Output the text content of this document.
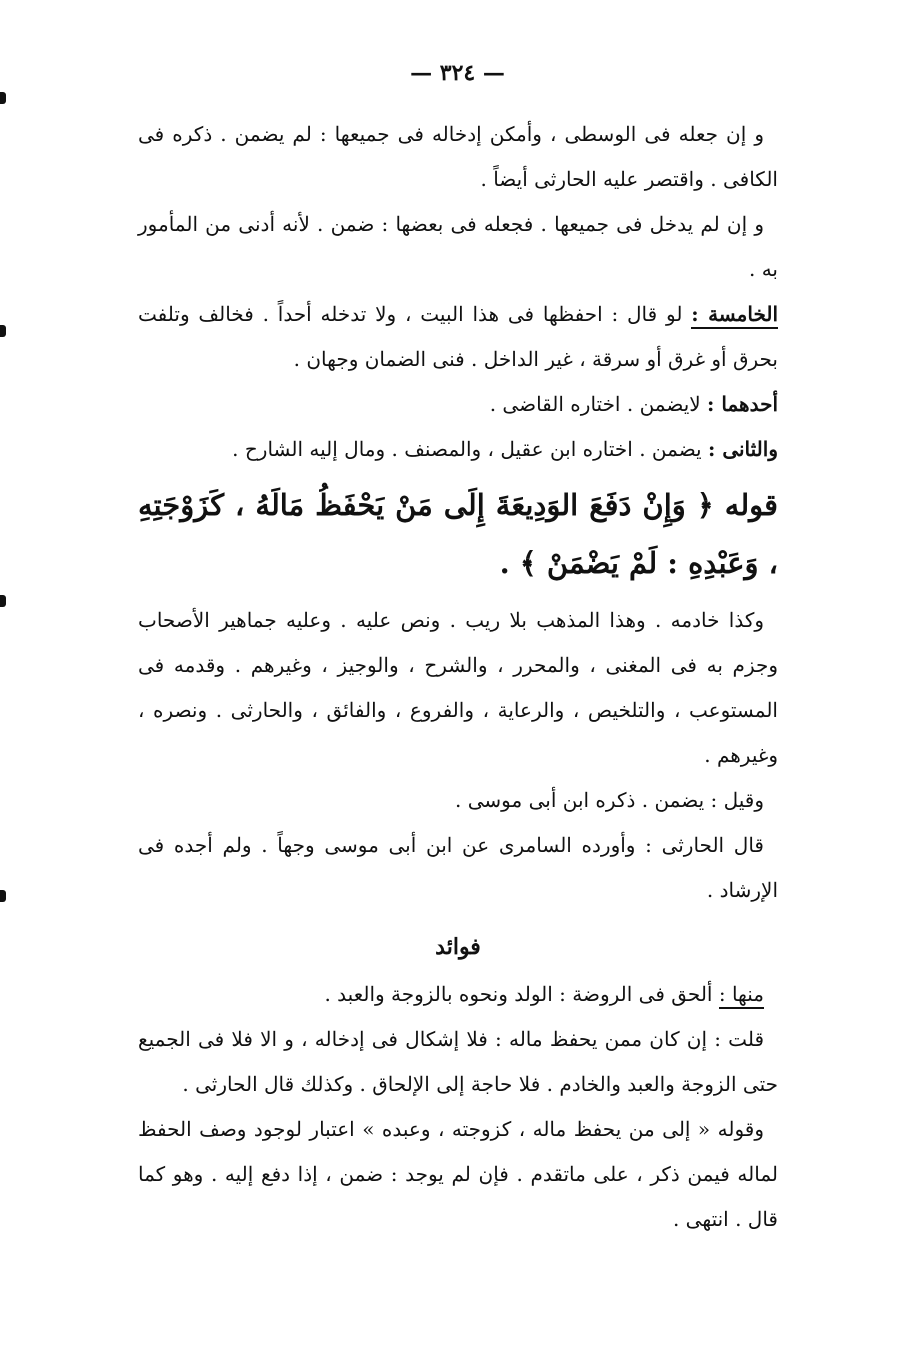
— ٣٢٤ —

و إن جعله فى الوسطى ، وأمكن إدخاله فى جميعها : لم يضمن . ذكره فى الكافى . واقتصر عليه الحارثى أيضاً .

و إن لم يدخل فى جميعها . فجعله فى بعضها : ضمن . لأنه أدنى من المأمور به .

الخامسة : لو قال : احفظها فى هذا البيت ، ولا تدخله أحداً . فخالف وتلفت بحرق أو غرق أو سرقة ، غير الداخل . فنى الضمان وجهان .

أحدهما : لايضمن . اختاره القاضى .

والثانى : يضمن . اختاره ابن عقيل ، والمصنف . ومال إليه الشارح .

قوله ﴿ وَإِنْ دَفَعَ الوَدِيعَةَ إِلَى مَنْ يَحْفَظُ مَالَهُ ، كَزَوْجَتِهِ ، وَعَبْدِهِ : لَمْ يَضْمَنْ ﴾ .

وكذا خادمه . وهذا المذهب بلا ريب . ونص عليه . وعليه جماهير الأصحاب وجزم به فى المغنى ، والمحرر ، والشرح ، والوجيز ، وغيرهم . وقدمه فى المستوعب ، والتلخيص ، والرعاية ، والفروع ، والفائق ، والحارثى . ونصره ، وغيرهم .

وقيل : يضمن . ذكره ابن أبى موسى .

قال الحارثى : وأورده السامرى عن ابن أبى موسى وجهاً . ولم أجده فى الإرشاد .

فوائد

منها : ألحق فى الروضة : الولد ونحوه بالزوجة والعبد .

قلت : إن كان ممن يحفظ ماله : فلا إشكال فى إدخاله ، و الا فلا فى الجميع حتى الزوجة والعبد والخادم . فلا حاجة إلى الإلحاق . وكذلك قال الحارثى .

وقوله « إلى من يحفظ ماله ، كزوجته ، وعبده » اعتبار لوجود وصف الحفظ لماله فيمن ذكر ، على ماتقدم . فإن لم يوجد : ضمن ، إذا دفع إليه . وهو كما قال . انتهى .
